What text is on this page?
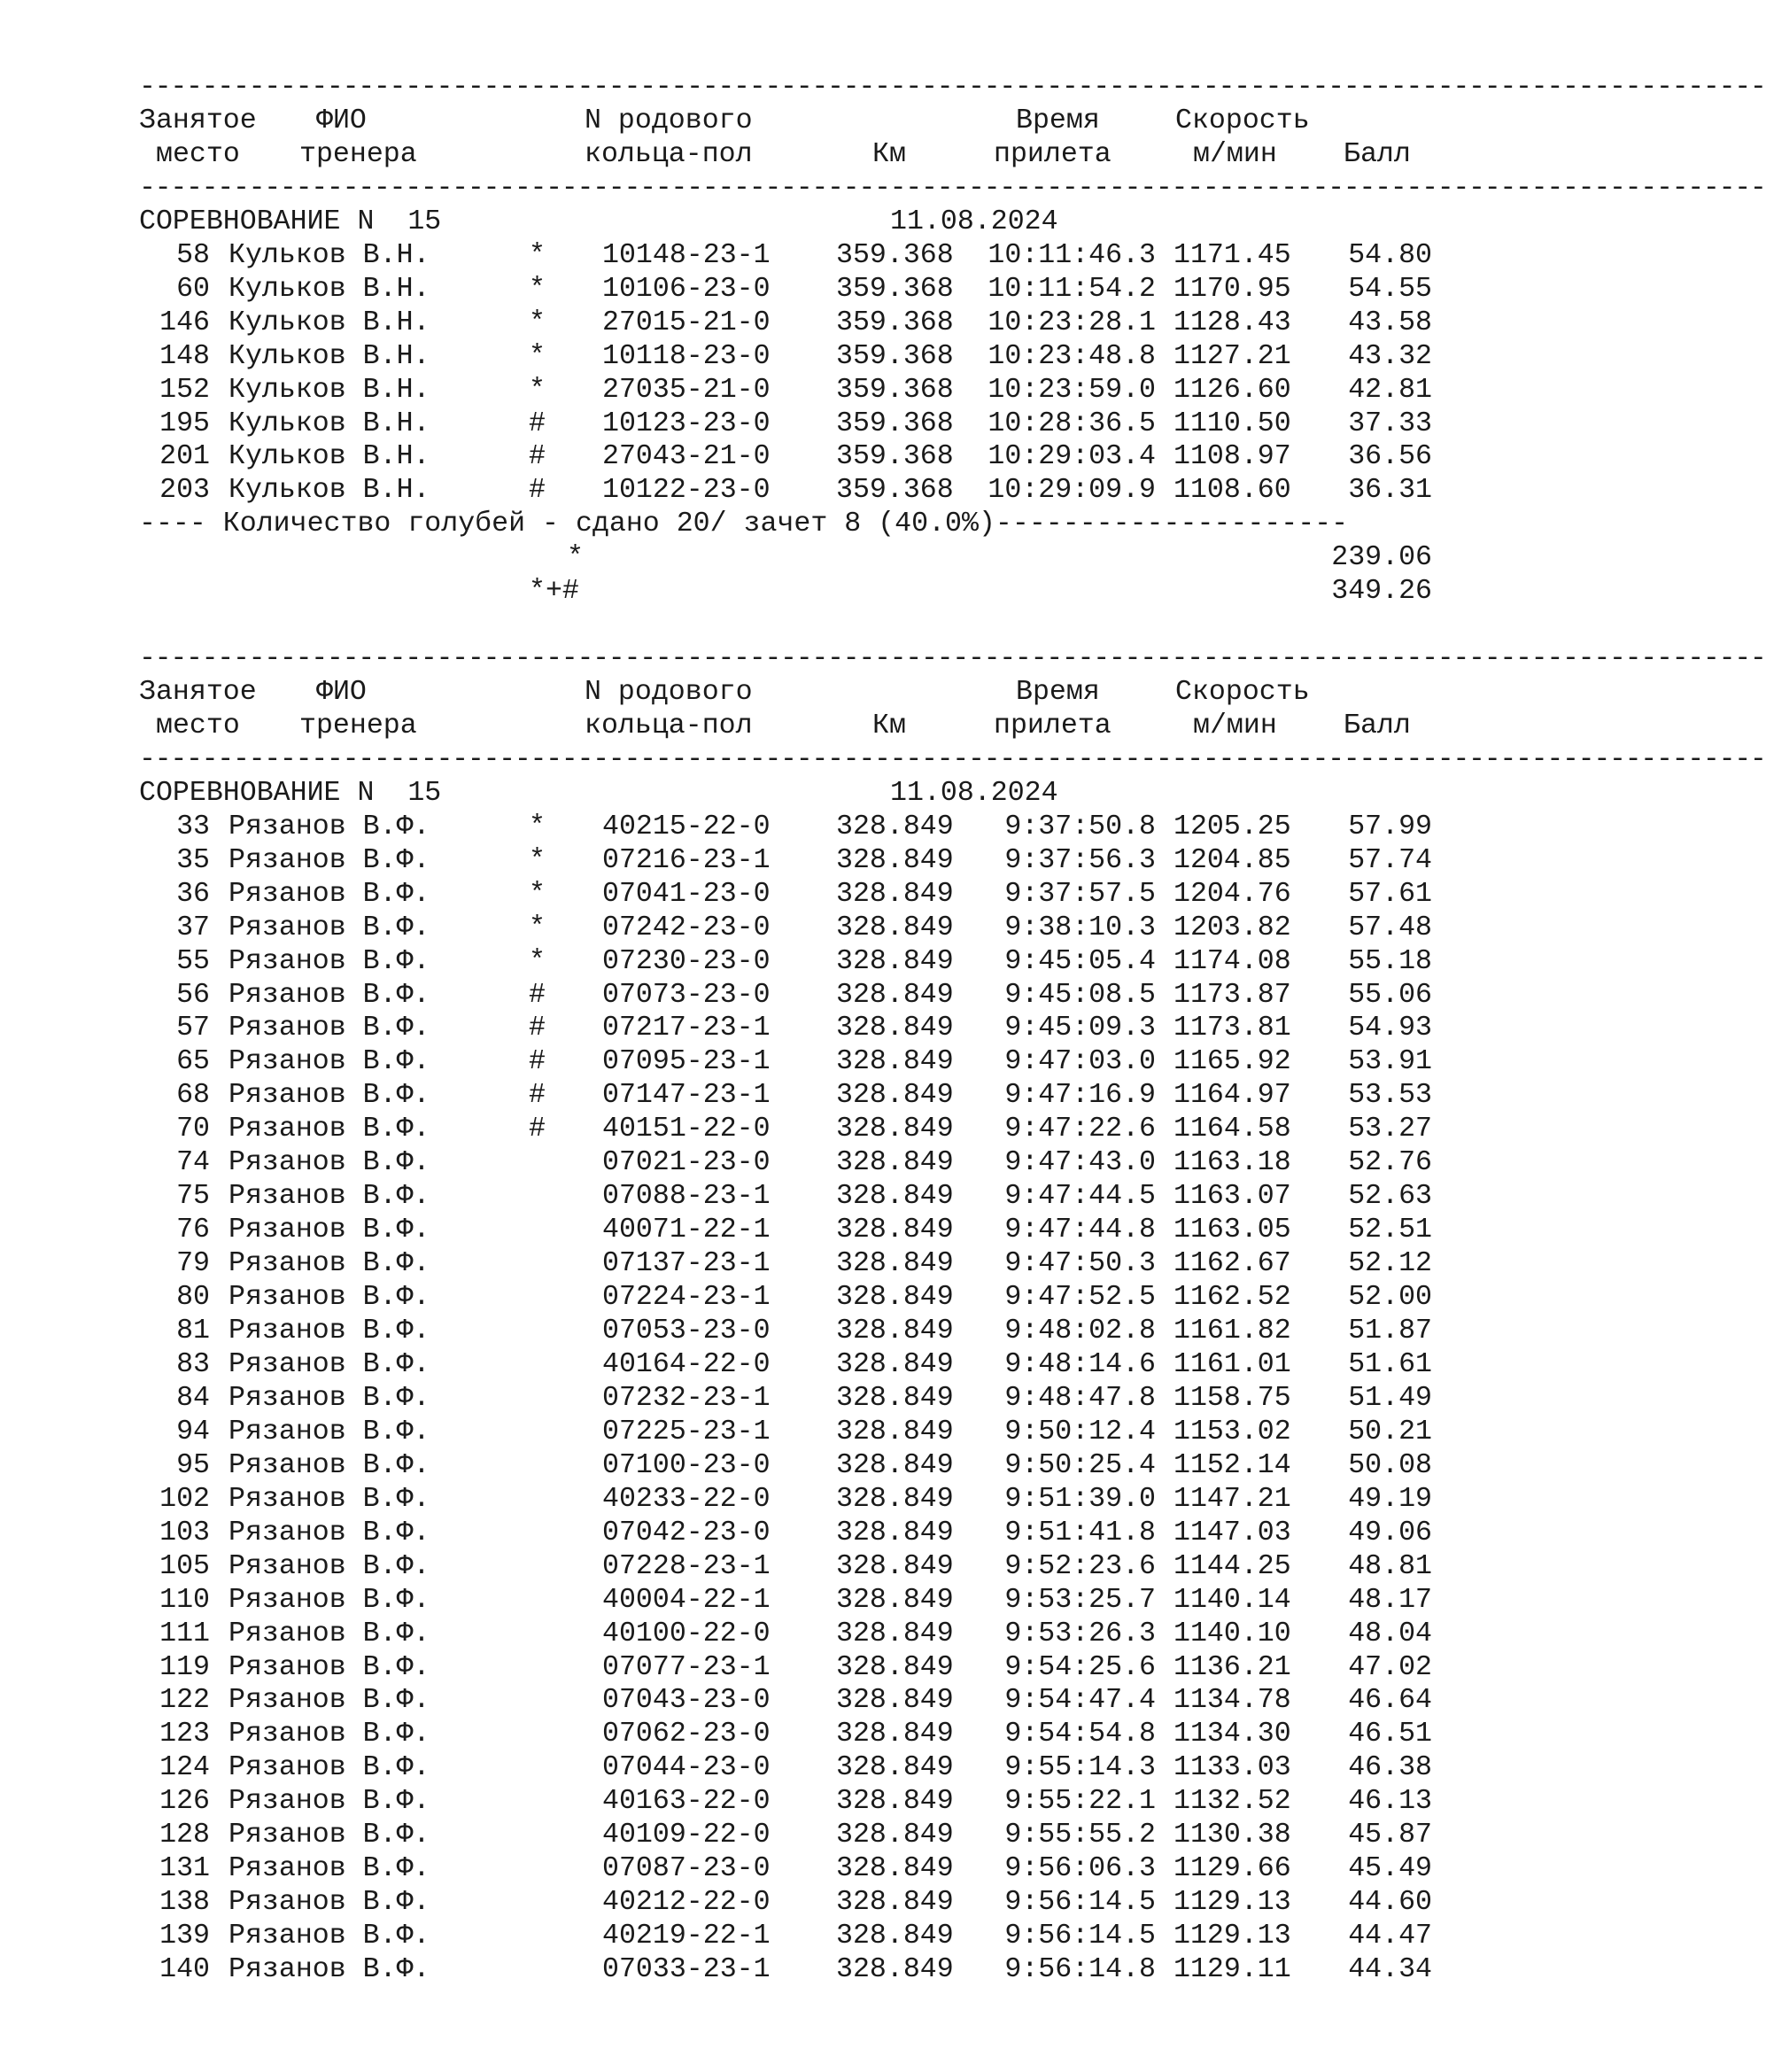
--------------------------------------------------------------------------------------------------------
Занятое ФИО	N родового	Время	Скорость
место тренера	кольца-пол	Км	прилета	м/мин Балл
--------------------------------------------------------------------------------------------------------
СОРЕВНОВАНИЕ N  15	11.08.2024
58 Кульков В.Н.	* 10148-23-1 359.368	10:11:46.3 1171.45	54.80
60 Кульков В.Н.	* 10106-23-0 359.368	10:11:54.2 1170.95	54.55
146 Кульков В.Н.	* 27015-21-0 359.368	10:23:28.1 1128.43	43.58
148 Кульков В.Н.	* 10118-23-0 359.368	10:23:48.8 1127.21	43.32
152 Кульков В.Н.	* 27035-21-0 359.368	10:23:59.0 1126.60	42.81
195 Кульков В.Н.	# 10123-23-0 359.368	10:28:36.5 1110.50	37.33
201 Кульков В.Н.	# 27043-21-0 359.368	10:29:03.4 1108.97	36.56
203 Кульков В.Н.	# 10122-23-0 359.368	10:29:09.9 1108.60	36.31
---- Количество голубей - сдано 20/ зачет 8 (40.0%)---------------------
*	239.06
*+#	349.26
--------------------------------------------------------------------------------------------------------
Занятое ФИО	N родового	Время	Скорость
место тренера	кольца-пол	Км	прилета	м/мин Балл
--------------------------------------------------------------------------------------------------------
СОРЕВНОВАНИЕ N  15	11.08.2024
33 Рязанов В.Ф.	* 40215-22-0 328.849	9:37:50.8 1205.25	57.99
35 Рязанов В.Ф.	* 07216-23-1 328.849	9:37:56.3 1204.85	57.74
36 Рязанов В.Ф.	* 07041-23-0 328.849	9:37:57.5 1204.76	57.61
37 Рязанов В.Ф.	* 07242-23-0 328.849	9:38:10.3 1203.82	57.48
55 Рязанов В.Ф.	* 07230-23-0 328.849	9:45:05.4 1174.08	55.18
56 Рязанов В.Ф.	# 07073-23-0 328.849	9:45:08.5 1173.87	55.06
57 Рязанов В.Ф.	# 07217-23-1 328.849	9:45:09.3 1173.81	54.93
65 Рязанов В.Ф.	# 07095-23-1 328.849	9:47:03.0 1165.92	53.91
68 Рязанов В.Ф.	# 07147-23-1 328.849	9:47:16.9 1164.97	53.53
70 Рязанов В.Ф.	# 40151-22-0 328.849	9:47:22.6 1164.58	53.27
74 Рязанов В.Ф.	07021-23-0 328.849	9:47:43.0 1163.18	52.76
75 Рязанов В.Ф.	07088-23-1 328.849	9:47:44.5 1163.07	52.63
76 Рязанов В.Ф.	40071-22-1 328.849	9:47:44.8 1163.05	52.51
79 Рязанов В.Ф.	07137-23-1 328.849	9:47:50.3 1162.67	52.12
80 Рязанов В.Ф.	07224-23-1 328.849	9:47:52.5 1162.52	52.00
81 Рязанов В.Ф.	07053-23-0 328.849	9:48:02.8 1161.82	51.87
83 Рязанов В.Ф.	40164-22-0 328.849	9:48:14.6 1161.01	51.61
84 Рязанов В.Ф.	07232-23-1 328.849	9:48:47.8 1158.75	51.49
94 Рязанов В.Ф.	07225-23-1 328.849	9:50:12.4 1153.02	50.21
95 Рязанов В.Ф.	07100-23-0 328.849	9:50:25.4 1152.14	50.08
102 Рязанов В.Ф.	40233-22-0 328.849	9:51:39.0 1147.21	49.19
103 Рязанов В.Ф.	07042-23-0 328.849	9:51:41.8 1147.03	49.06
105 Рязанов В.Ф.	07228-23-1 328.849	9:52:23.6 1144.25	48.81
110 Рязанов В.Ф.	40004-22-1 328.849	9:53:25.7 1140.14	48.17
111 Рязанов В.Ф.	40100-22-0 328.849	9:53:26.3 1140.10	48.04
119 Рязанов В.Ф.	07077-23-1 328.849	9:54:25.6 1136.21	47.02
122 Рязанов В.Ф.	07043-23-0 328.849	9:54:47.4 1134.78	46.64
123 Рязанов В.Ф.	07062-23-0 328.849	9:54:54.8 1134.30	46.51
124 Рязанов В.Ф.	07044-23-0 328.849	9:55:14.3 1133.03	46.38
126 Рязанов В.Ф.	40163-22-0 328.849	9:55:22.1 1132.52	46.13
128 Рязанов В.Ф.	40109-22-0 328.849	9:55:55.2 1130.38	45.87
131 Рязанов В.Ф.	07087-23-0 328.849	9:56:06.3 1129.66	45.49
138 Рязанов В.Ф.	40212-22-0 328.849	9:56:14.5 1129.13	44.60
139 Рязанов В.Ф.	40219-22-1 328.849	9:56:14.5 1129.13	44.47
140 Рязанов В.Ф.	07033-23-1 328.849	9:56:14.8 1129.11	44.34
